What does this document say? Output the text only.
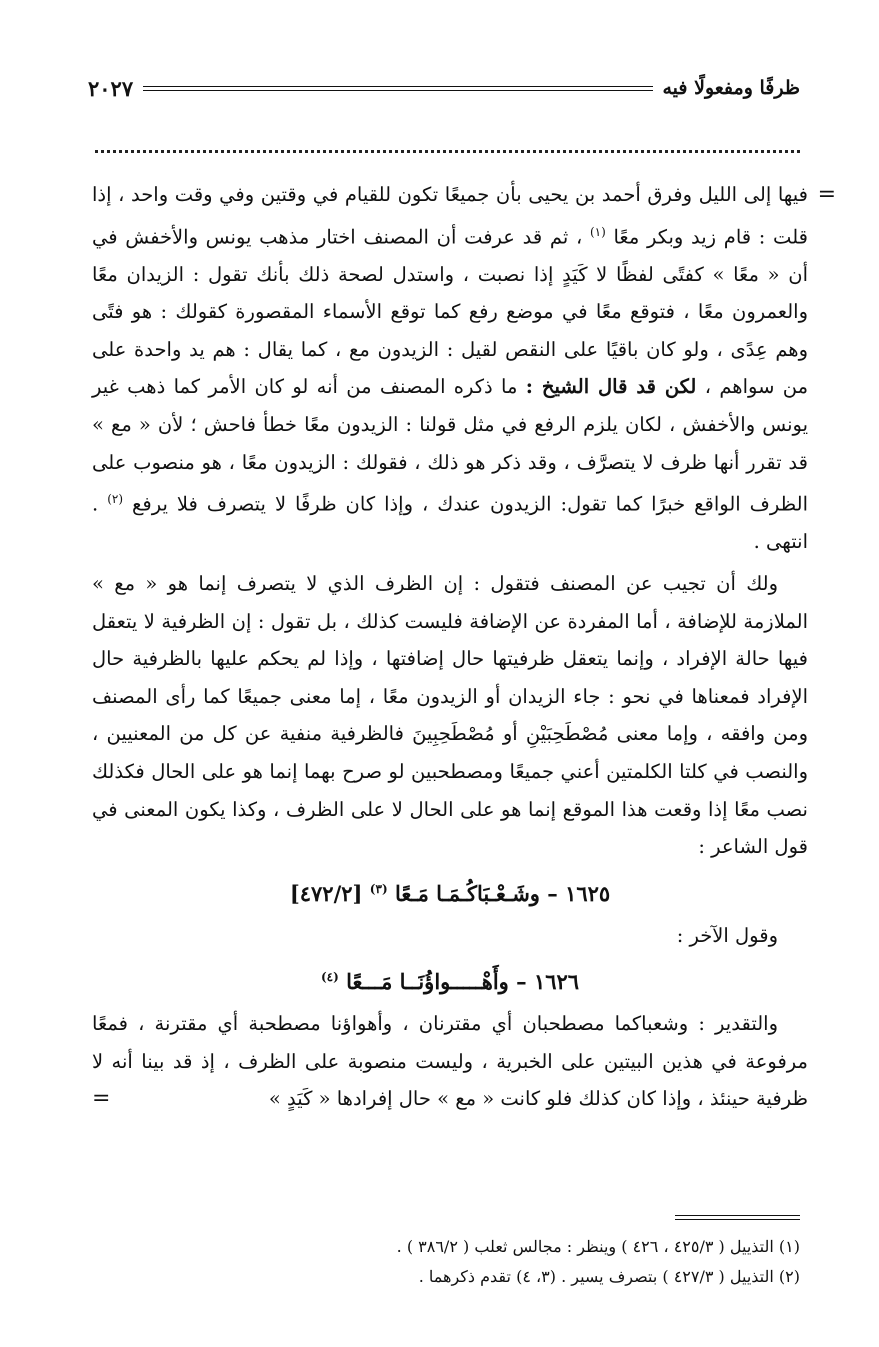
ظرفًا ومفعولًا فيه
٢٠٢٧

=
فيها إلى الليل وفرق أحمد بن يحيى بأن جميعًا تكون للقيام في وقتين وفي وقت واحد ، إذا قلت : قام زيد وبكر معًا $^{(١)}$ ، ثم قد عرفت أن المصنف اختار مذهب يونس والأخفش في أن « معًا » كفتًى لفظًا لا كَيَدٍ إذا نصبت ، واستدل لصحة ذلك بأنك تقول : الزيدان معًا والعمرون معًا ، فتوقع معًا في موضع رفع كما توقع الأسماء المقصورة كقولك : هو فتًى وهم عِدًى ، ولو كان باقيًا على النقص لقيل : الزيدون مع ، كما يقال : هم يد واحدة على من سواهم ، لكن قد قال الشيخ : ما ذكره المصنف من أنه لو كان الأمر كما ذهب غير يونس والأخفش ، لكان يلزم الرفع في مثل قولنا : الزيدون معًا خطأ فاحش ؛ لأن « مع » قد تقرر أنها ظرف لا يتصرَّف ، وقد ذكر هو ذلك ، فقولك : الزيدون معًا ، هو منصوب على الظرف الواقع خبرًا كما تقول: الزيدون عندك ، وإذا كان ظرفًا لا يتصرف فلا يرفع $^{(٢)}$ . انتهى .

ولك أن تجيب عن المصنف فتقول : إن الظرف الذي لا يتصرف إنما هو « مع » الملازمة للإضافة ، أما المفردة عن الإضافة فليست كذلك ، بل تقول : إن الظرفية لا يتعقل فيها حالة الإفراد ، وإنما يتعقل ظرفيتها حال إضافتها ، وإذا لم يحكم عليها بالظرفية حال الإفراد فمعناها في نحو : جاء الزيدان أو الزيدون معًا ، إما معنى جميعًا كما رأى المصنف ومن وافقه ، وإما معنى مُصْطَحِبَيْنِ أو مُصْطَحِبِينَ فالظرفية منفية عن كل من المعنيين ، والنصب في كلتا الكلمتين أعني جميعًا ومصطحبين لو صرح بهما إنما هو على الحال فكذلك نصب معًا إذا وقعت هذا الموقع إنما هو على الحال لا على الظرف ، وكذا يكون المعنى في قول الشاعر :

١٦٢٥ – وشَـعْـبَاكُـمَـا مَـعًا $^{(٣)}$ [٤٧٢/٢]

وقول الآخر :

١٦٢٦ – وأَهْـــــواؤُنَــا مَـــعًا $^{(٤)}$

والتقدير : وشعباكما مصطحبان أي مقترنان ، وأهواؤنا مصطحبة أي مقترنة ، فمعًا مرفوعة في هذين البيتين على الخبرية ، وليست منصوبة على الظرف ، إذ قد بينا أنه لا ظرفية حينئذ ، وإذا كان كذلك فلو كانت « مع » حال إفرادها « كَيَدٍ »
=

(١) التذييل ( ٤٢٥/٣ ، ٤٢٦ ) وينظر : مجالس ثعلب ( ٣٨٦/٢ ) .

(٢) التذييل ( ٤٢٧/٣ ) بتصرف يسير . (٣، ٤) تقدم ذكرهما .
